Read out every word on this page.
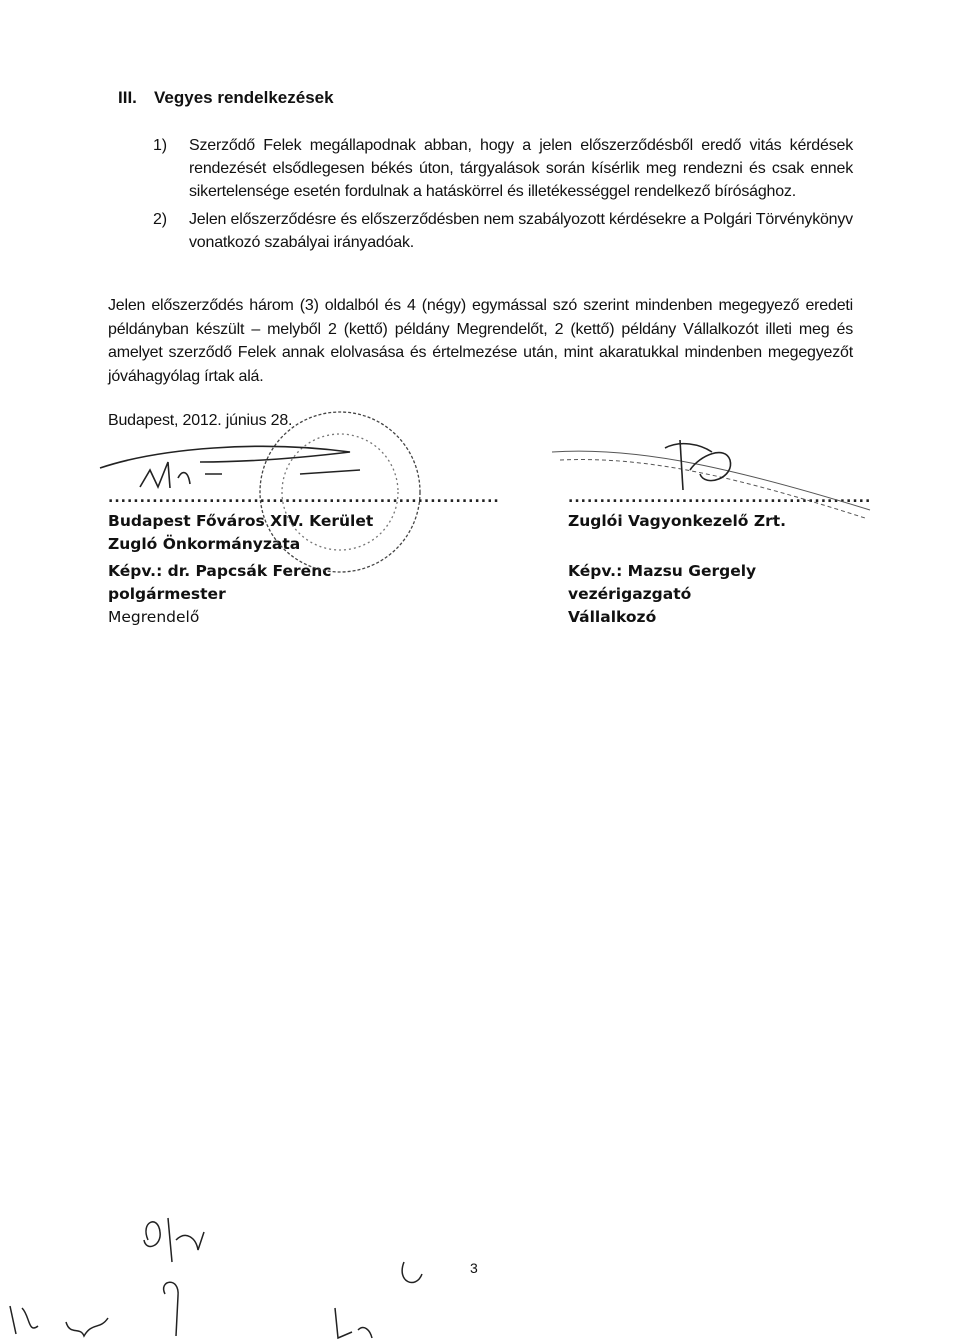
III. Vegyes rendelkezések
1) Szerződő Felek megállapodnak abban, hogy a jelen előszerződésből eredő vitás kérdések rendezését elsődlegesen békés úton, tárgyalások során kísérlik meg rendezni és csak ennek sikertelensége esetén fordulnak a hatáskörrel és illetékességgel rendelkező bírósághoz.

2) Jelen előszerződésre és előszerződésben nem szabályozott kérdésekre a Polgári Törvénykönyv vonatkozó szabályai irányadóak.

Jelen előszerződés három (3) oldalból és 4 (négy) egymással szó szerint mindenben megegyező eredeti példányban készült – melyből 2 (kettő) példány Megrendelőt, 2 (kettő) példány Vállalkozót illeti meg és amelyet szerződő Felek annak elolvasása és értelmezése után, mint akaratukkal mindenben megegyezőt jóváhagyólag írtak alá.

Budapest, 2012. június 28.
..............................................................
Budapest Főváros XIV. Kerület
Zugló Önkormányzata
Képv.: dr. Papcsák Ferenc
polgármester
Megrendelő
................................................
Zuglói Vagyonkezelő Zrt.
Képv.: Mazsu Gergely
vezérigazgató
Vállalkozó
3
